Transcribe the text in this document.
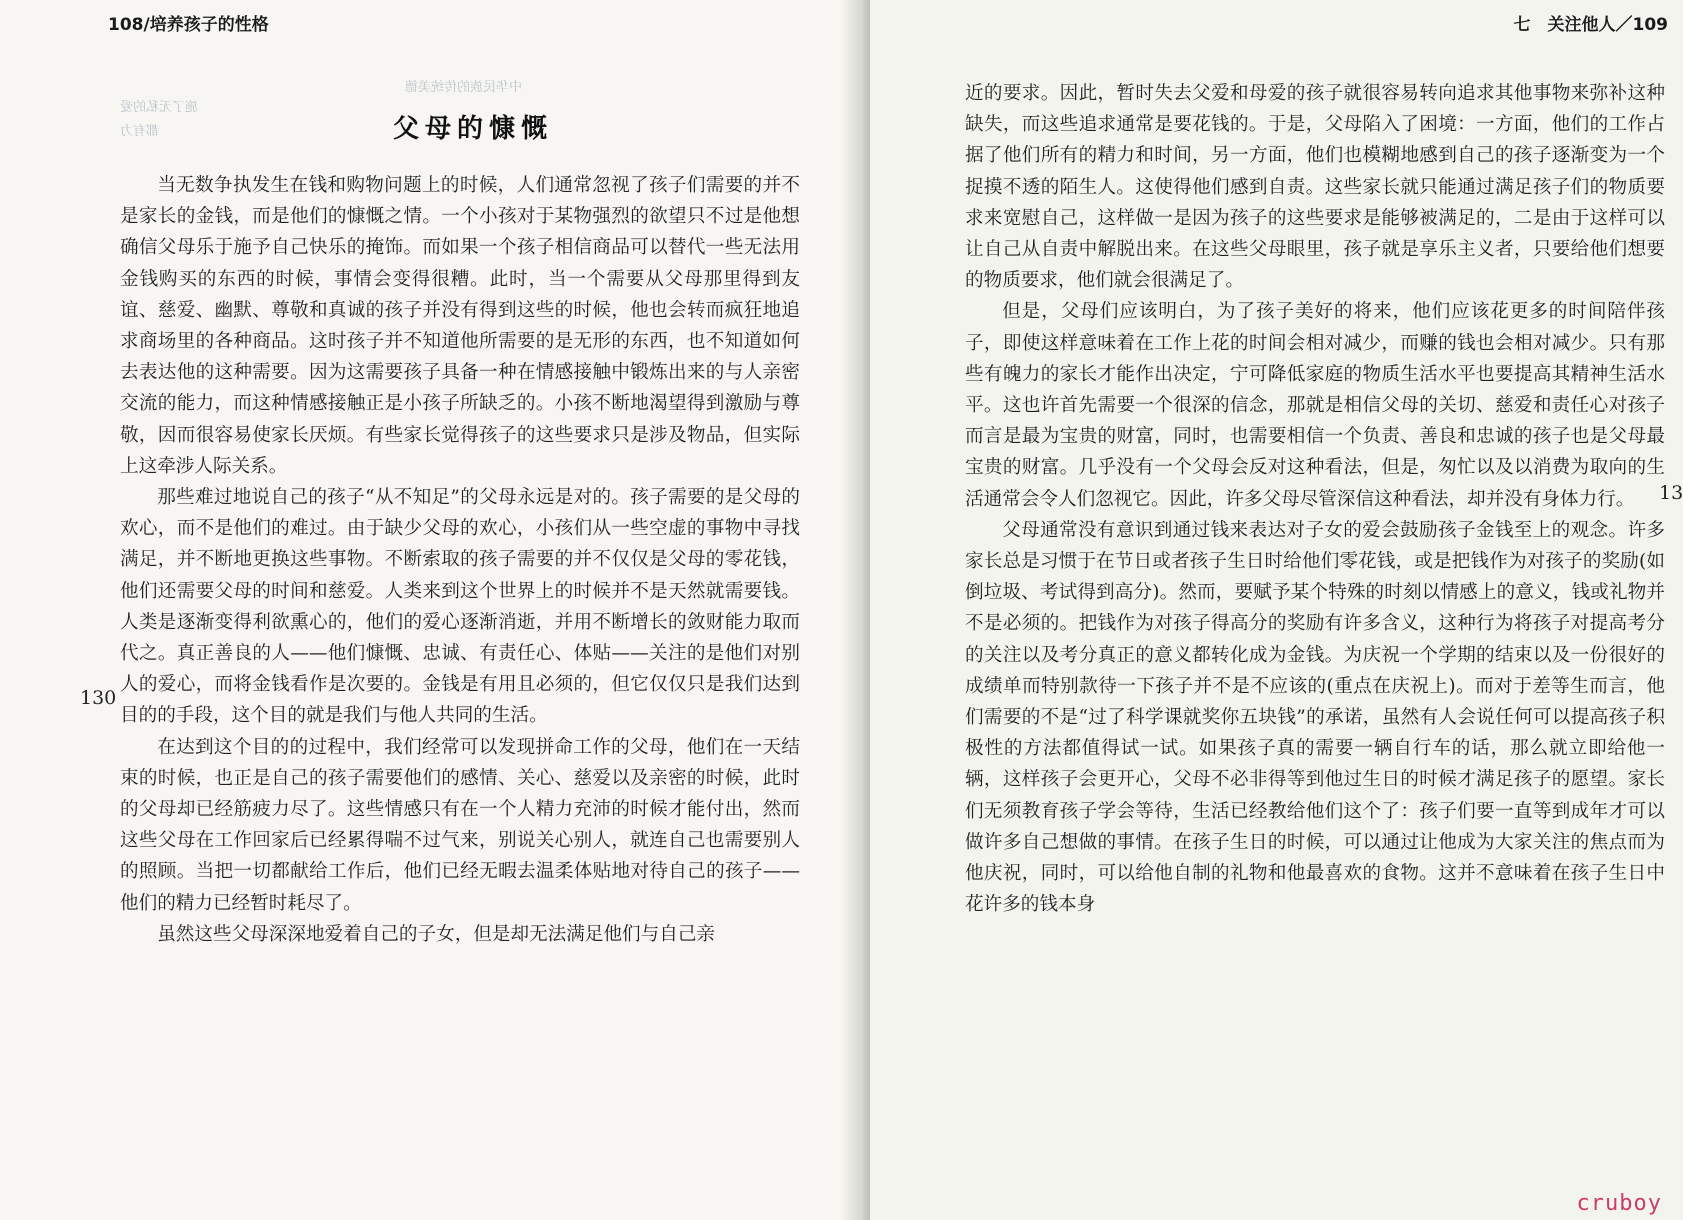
中华民族的传统美德
施了无私的爱
都有力
108/培养孩子的性格
父母的慷慨
130

当无数争执发生在钱和购物问题上的时候，人们通常忽视了孩子们需要的并不是家长的金钱，而是他们的慷慨之情。一个小孩对于某物强烈的欲望只不过是他想确信父母乐于施予自己快乐的掩饰。而如果一个孩子相信商品可以替代一些无法用金钱购买的东西的时候，事情会变得很糟。此时，当一个需要从父母那里得到友谊、慈爱、幽默、尊敬和真诚的孩子并没有得到这些的时候，他也会转而疯狂地追求商场里的各种商品。这时孩子并不知道他所需要的是无形的东西，也不知道如何去表达他的这种需要。因为这需要孩子具备一种在情感接触中锻炼出来的与人亲密交流的能力，而这种情感接触正是小孩子所缺乏的。小孩不断地渴望得到激励与尊敬，因而很容易使家长厌烦。有些家长觉得孩子的这些要求只是涉及物品，但实际上这牵涉人际关系。

那些难过地说自己的孩子“从不知足”的父母永远是对的。孩子需要的是父母的欢心，而不是他们的难过。由于缺少父母的欢心，小孩们从一些空虚的事物中寻找满足，并不断地更换这些事物。不断索取的孩子需要的并不仅仅是父母的零花钱，他们还需要父母的时间和慈爱。人类来到这个世界上的时候并不是天然就需要钱。人类是逐渐变得利欲熏心的，他们的爱心逐渐消逝，并用不断增长的敛财能力取而代之。真正善良的人——他们慷慨、忠诚、有责任心、体贴——关注的是他们对别人的爱心，而将金钱看作是次要的。金钱是有用且必须的，但它仅仅只是我们达到目的的手段，这个目的就是我们与他人共同的生活。

在达到这个目的的过程中，我们经常可以发现拼命工作的父母，他们在一天结束的时候，也正是自己的孩子需要他们的感情、关心、慈爱以及亲密的时候，此时的父母却已经筋疲力尽了。这些情感只有在一个人精力充沛的时候才能付出，然而这些父母在工作回家后已经累得喘不过气来，别说关心别人，就连自己也需要别人的照顾。当把一切都献给工作后，他们已经无暇去温柔体贴地对待自己的孩子——他们的精力已经暂时耗尽了。

虽然这些父母深深地爱着自己的子女，但是却无法满足他们与自己亲

七　关注他人／109
13

近的要求。因此，暂时失去父爱和母爱的孩子就很容易转向追求其他事物来弥补这种缺失，而这些追求通常是要花钱的。于是，父母陷入了困境：一方面，他们的工作占据了他们所有的精力和时间，另一方面，他们也模糊地感到自己的孩子逐渐变为一个捉摸不透的陌生人。这使得他们感到自责。这些家长就只能通过满足孩子们的物质要求来宽慰自己，这样做一是因为孩子的这些要求是能够被满足的，二是由于这样可以让自己从自责中解脱出来。在这些父母眼里，孩子就是享乐主义者，只要给他们想要的物质要求，他们就会很满足了。

但是，父母们应该明白，为了孩子美好的将来，他们应该花更多的时间陪伴孩子，即使这样意味着在工作上花的时间会相对减少，而赚的钱也会相对减少。只有那些有魄力的家长才能作出决定，宁可降低家庭的物质生活水平也要提高其精神生活水平。这也许首先需要一个很深的信念，那就是相信父母的关切、慈爱和责任心对孩子而言是最为宝贵的财富，同时，也需要相信一个负责、善良和忠诚的孩子也是父母最宝贵的财富。几乎没有一个父母会反对这种看法，但是，匆忙以及以消费为取向的生活通常会令人们忽视它。因此，许多父母尽管深信这种看法，却并没有身体力行。

父母通常没有意识到通过钱来表达对子女的爱会鼓励孩子金钱至上的观念。许多家长总是习惯于在节日或者孩子生日时给他们零花钱，或是把钱作为对孩子的奖励(如倒垃圾、考试得到高分)。然而，要赋予某个特殊的时刻以情感上的意义，钱或礼物并不是必须的。把钱作为对孩子得高分的奖励有许多含义，这种行为将孩子对提高考分的关注以及考分真正的意义都转化成为金钱。为庆祝一个学期的结束以及一份很好的成绩单而特别款待一下孩子并不是不应该的(重点在庆祝上)。而对于差等生而言，他们需要的不是“过了科学课就奖你五块钱”的承诺，虽然有人会说任何可以提高孩子积极性的方法都值得试一试。如果孩子真的需要一辆自行车的话，那么就立即给他一辆，这样孩子会更开心，父母不必非得等到他过生日的时候才满足孩子的愿望。家长们无须教育孩子学会等待，生活已经教给他们这个了：孩子们要一直等到成年才可以做许多自己想做的事情。在孩子生日的时候，可以通过让他成为大家关注的焦点而为他庆祝，同时，可以给他自制的礼物和他最喜欢的食物。这并不意味着在孩子生日中花许多的钱本身

cruboy
